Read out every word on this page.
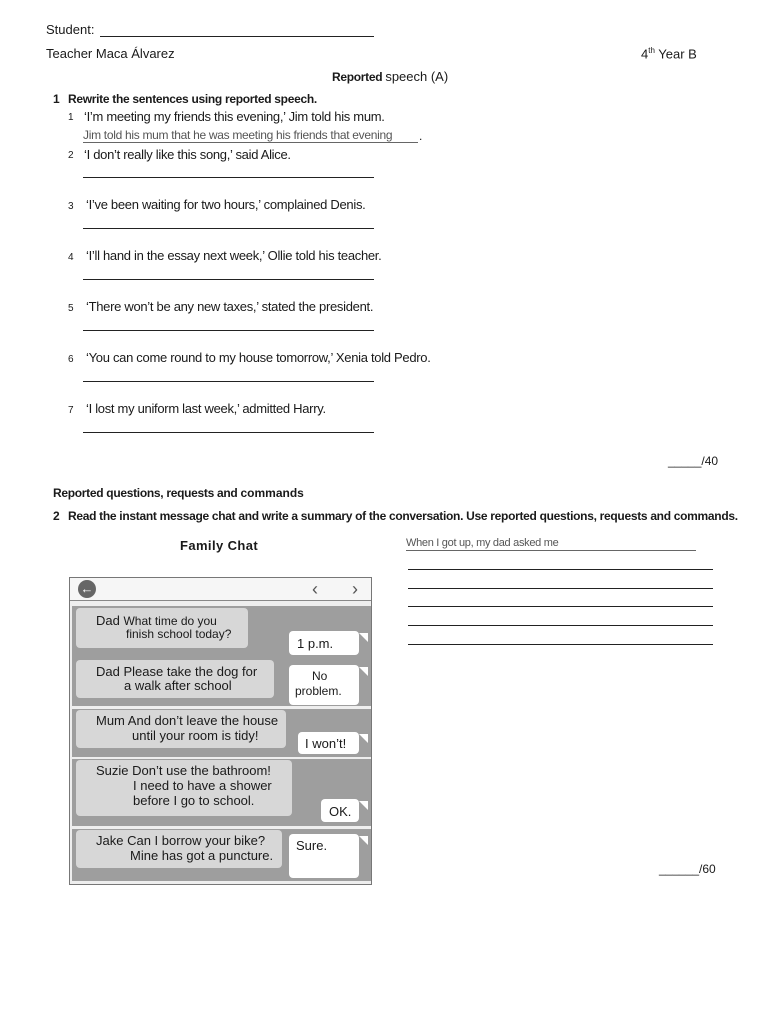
Student:
Teacher Maca Álvarez	4th Year B
Reported speech (A)
1 Rewrite the sentences using reported speech.
1 ‘I’m meeting my friends this evening,’ Jim told his mum.
Jim told his mum that he was meeting his friends that evening .
2 ‘I don’t really like this song,’ said Alice.
3 ‘I’ve been waiting for two hours,’ complained Denis.
4 ‘I’ll hand in the essay next week,’ Ollie told his teacher.
5 ‘There won’t be any new taxes,’ stated the president.
6 ‘You can come round to my house tomorrow,’ Xenia told Pedro.
7 ‘I lost my uniform last week,’ admitted Harry.
_____/40
Reported questions, requests and commands
2 Read the instant message chat and write a summary of the conversation. Use reported questions, requests and commands.
Family Chat	When I got up, my dad asked me
______/60
←	‹ ›
Dad What time do you
finish school today?
1 p.m.
Dad Please take the dog for
a walk after school
No
problem.
Mum And don’t leave the house
until your room is tidy!
I won’t!
Suzie Don’t use the bathroom!
I need to have a shower
before I go to school.
OK.
Jake Can I borrow your bike?
Mine has got a puncture.
Sure.
